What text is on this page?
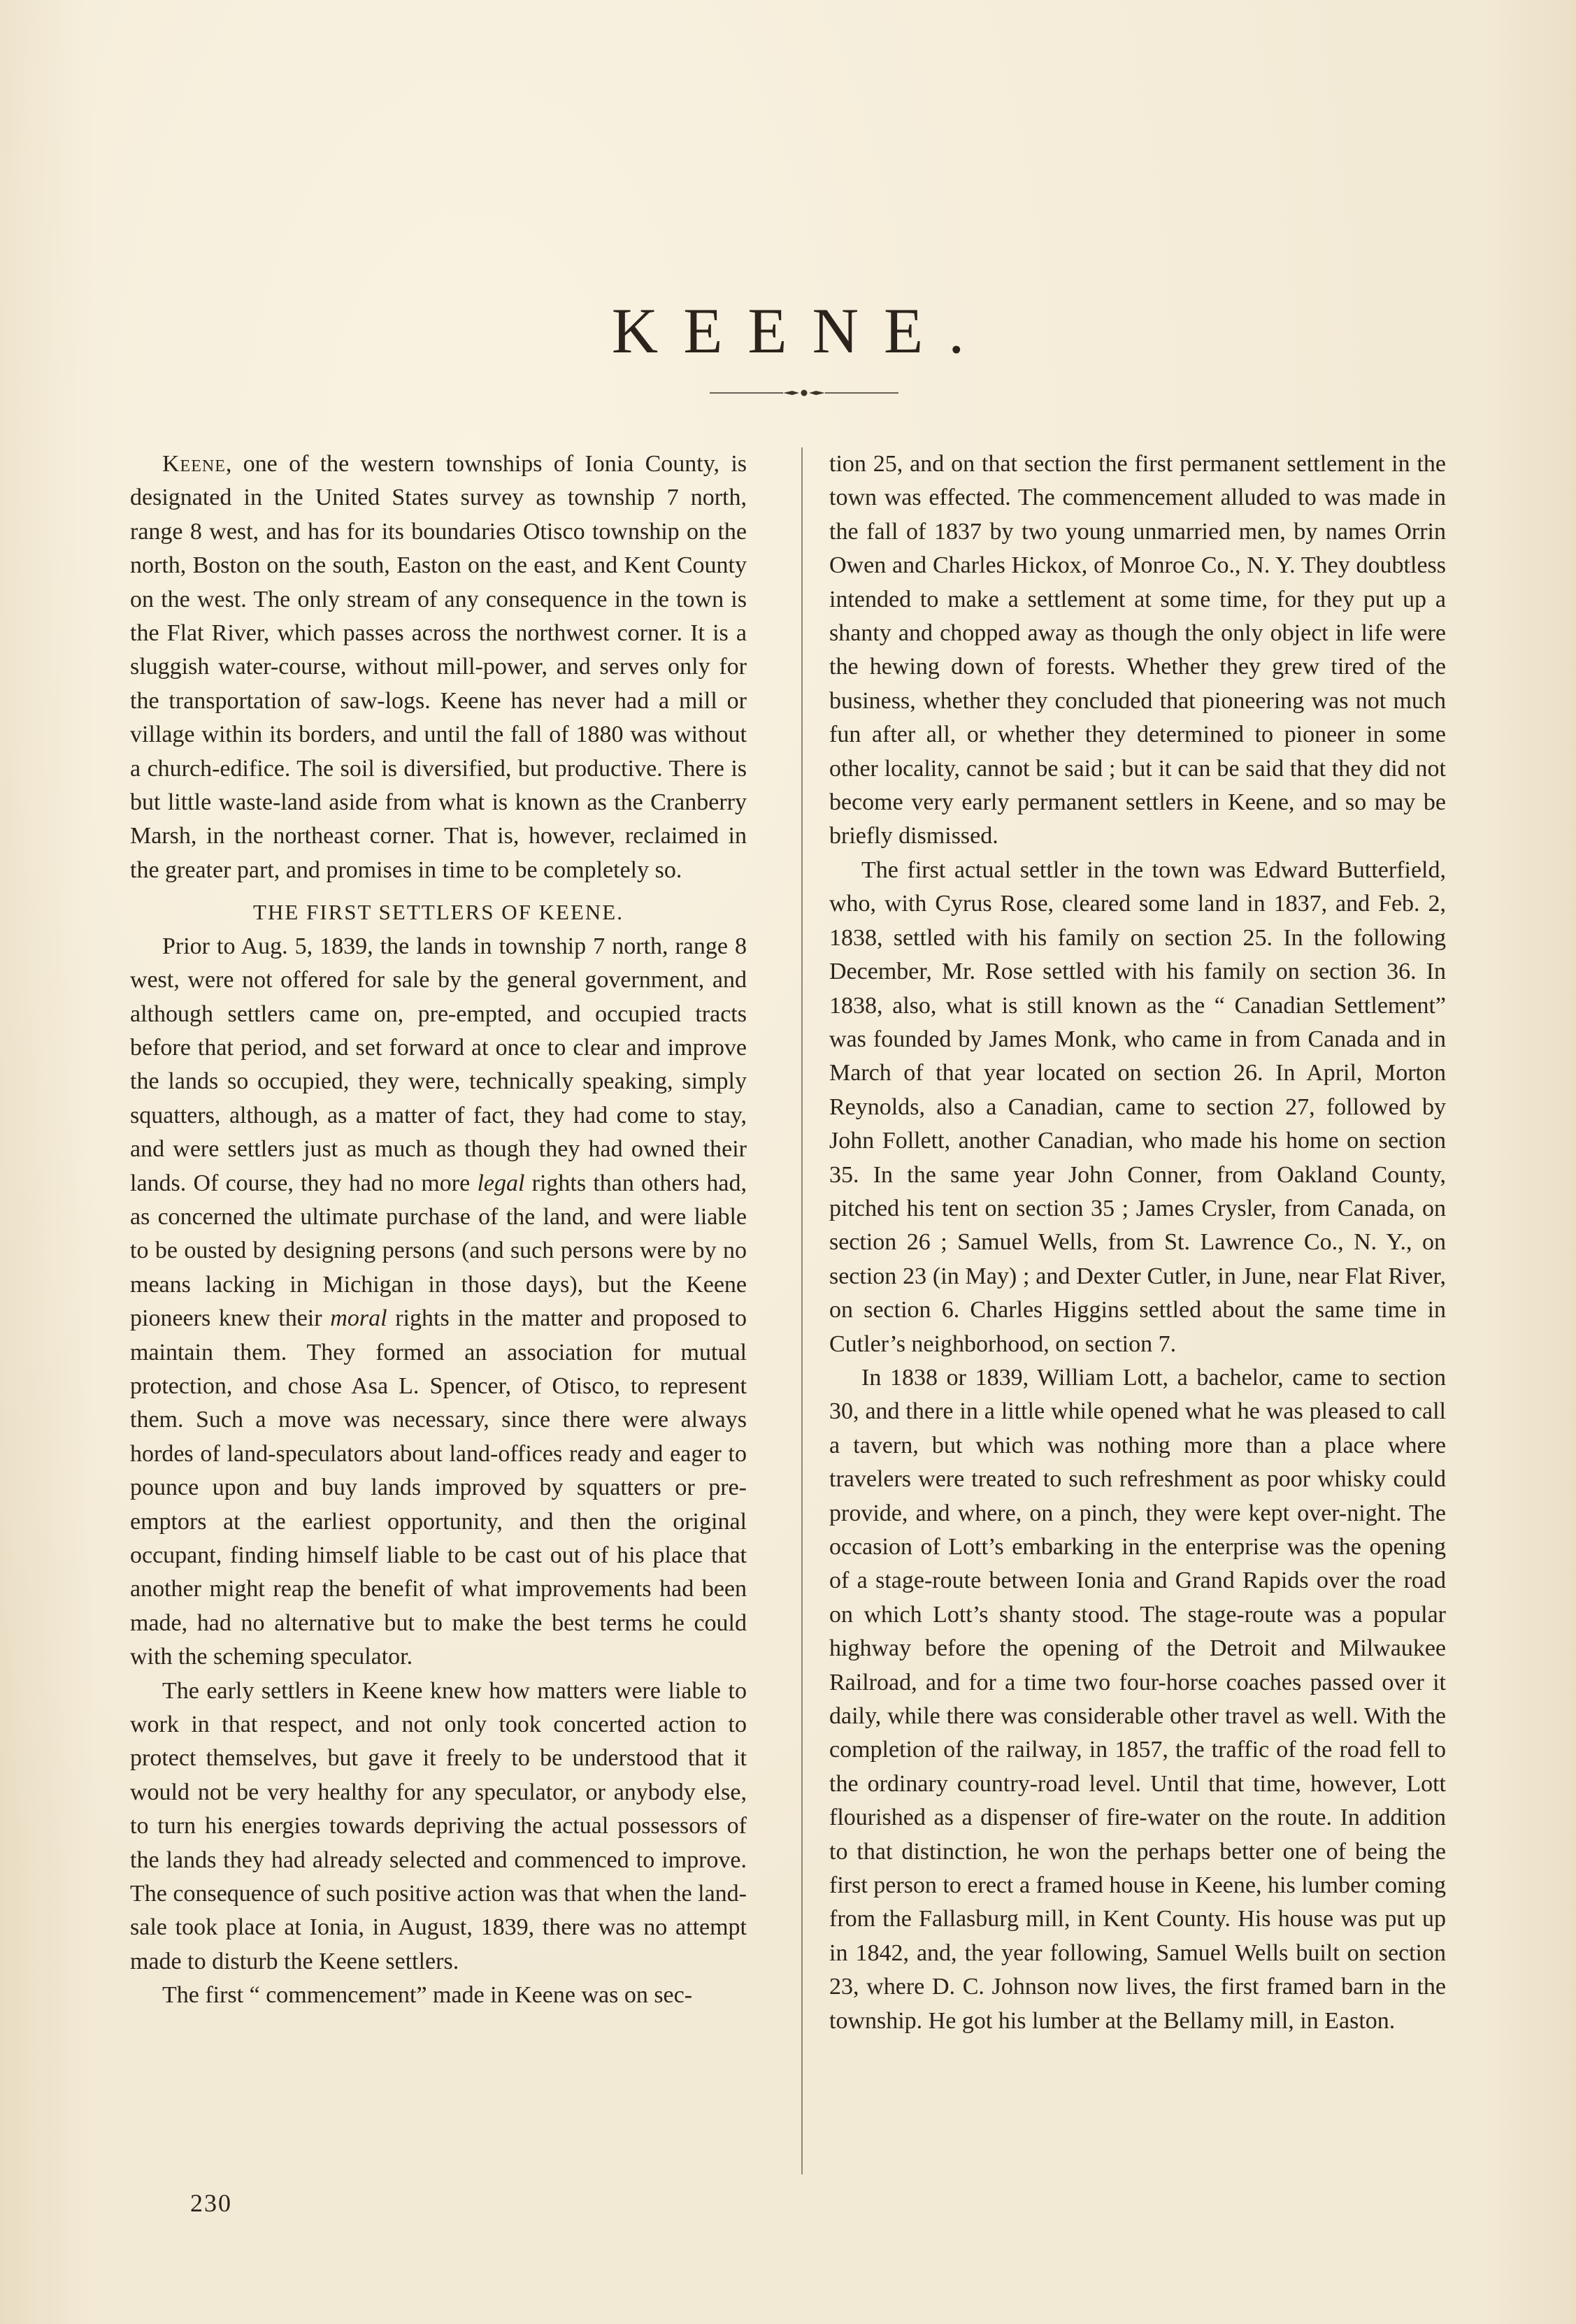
KEENE.

Keene, one of the western townships of Ionia County, is designated in the United States survey as township 7 north, range 8 west, and has for its boundaries Otisco township on the north, Boston on the south, Easton on the east, and Kent County on the west. The only stream of any consequence in the town is the Flat River, which passes across the northwest corner. It is a sluggish water-course, without mill-power, and serves only for the transportation of saw-logs. Keene has never had a mill or village within its borders, and until the fall of 1880 was without a church-edifice. The soil is diversified, but productive. There is but little waste-land aside from what is known as the Cranberry Marsh, in the northeast corner. That is, however, reclaimed in the greater part, and promises in time to be completely so.

THE FIRST SETTLERS OF KEENE.

Prior to Aug. 5, 1839, the lands in township 7 north, range 8 west, were not offered for sale by the general government, and although settlers came on, pre-empted, and occupied tracts before that period, and set forward at once to clear and improve the lands so occupied, they were, technically speaking, simply squatters, although, as a matter of fact, they had come to stay, and were settlers just as much as though they had owned their lands. Of course, they had no more legal rights than others had, as concerned the ultimate purchase of the land, and were liable to be ousted by designing persons (and such persons were by no means lacking in Michigan in those days), but the Keene pioneers knew their moral rights in the matter and proposed to maintain them. They formed an association for mutual protection, and chose Asa L. Spencer, of Otisco, to represent them. Such a move was necessary, since there were always hordes of land-speculators about land-offices ready and eager to pounce upon and buy lands improved by squatters or pre-emptors at the earliest opportunity, and then the original occupant, finding himself liable to be cast out of his place that another might reap the benefit of what improvements had been made, had no alternative but to make the best terms he could with the scheming speculator.

The early settlers in Keene knew how matters were liable to work in that respect, and not only took concerted action to protect themselves, but gave it freely to be understood that it would not be very healthy for any speculator, or anybody else, to turn his energies towards depriving the actual possessors of the lands they had already selected and commenced to improve. The consequence of such positive action was that when the land-sale took place at Ionia, in August, 1839, there was no attempt made to disturb the Keene settlers.

The first “ commencement” made in Keene was on sec-

tion 25, and on that section the first permanent settlement in the town was effected. The commencement alluded to was made in the fall of 1837 by two young unmarried men, by names Orrin Owen and Charles Hickox, of Monroe Co., N. Y. They doubtless intended to make a settlement at some time, for they put up a shanty and chopped away as though the only object in life were the hewing down of forests. Whether they grew tired of the business, whether they concluded that pioneering was not much fun after all, or whether they determined to pioneer in some other locality, cannot be said ; but it can be said that they did not become very early permanent settlers in Keene, and so may be briefly dismissed.

The first actual settler in the town was Edward Butterfield, who, with Cyrus Rose, cleared some land in 1837, and Feb. 2, 1838, settled with his family on section 25. In the following December, Mr. Rose settled with his family on section 36. In 1838, also, what is still known as the “ Canadian Settlement” was founded by James Monk, who came in from Canada and in March of that year located on section 26. In April, Morton Reynolds, also a Canadian, came to section 27, followed by John Follett, another Canadian, who made his home on section 35. In the same year John Conner, from Oakland County, pitched his tent on section 35 ; James Crysler, from Canada, on section 26 ; Samuel Wells, from St. Lawrence Co., N. Y., on section 23 (in May) ; and Dexter Cutler, in June, near Flat River, on section 6. Charles Higgins settled about the same time in Cutler’s neighborhood, on section 7.

In 1838 or 1839, William Lott, a bachelor, came to section 30, and there in a little while opened what he was pleased to call a tavern, but which was nothing more than a place where travelers were treated to such refreshment as poor whisky could provide, and where, on a pinch, they were kept over-night. The occasion of Lott’s embarking in the enterprise was the opening of a stage-route between Ionia and Grand Rapids over the road on which Lott’s shanty stood. The stage-route was a popular highway before the opening of the Detroit and Milwaukee Railroad, and for a time two four-horse coaches passed over it daily, while there was considerable other travel as well. With the completion of the railway, in 1857, the traffic of the road fell to the ordinary country-road level. Until that time, however, Lott flourished as a dispenser of fire-water on the route. In addition to that distinction, he won the perhaps better one of being the first person to erect a framed house in Keene, his lumber coming from the Fallasburg mill, in Kent County. His house was put up in 1842, and, the year following, Samuel Wells built on section 23, where D. C. Johnson now lives, the first framed barn in the township. He got his lumber at the Bellamy mill, in Easton.

230
